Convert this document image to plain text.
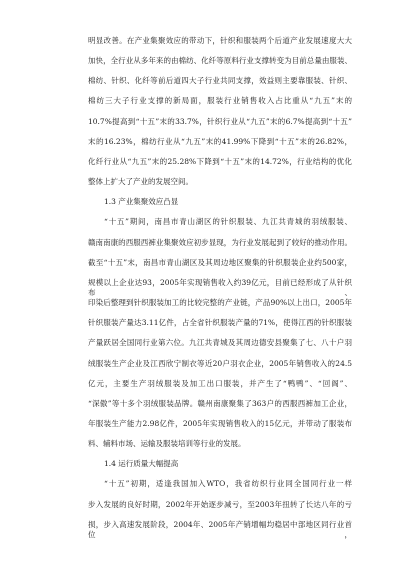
明显改善。在产业集聚效应的带动下，针织和服装两个后道产业发展速度大大
加快，全行业从多年来的由棉纺、化纤等原料行业支撑转变为目前总量由服装、
棉纺、针织、化纤等前后道四大子行业共同支撑，效益则主要靠服装、针织、
棉纺三大子行业支撑的新局面，服装行业销售收入占比重从“九五”末的
10.7%提高到“十五”末的33.7%，针织行业从“九五”末的6.7%提高到“十五”
末的16.23%，棉纺行业从“九五”末的41.99%下降到“十五”末的26.82%，
化纤行业从“九五”末的25.28%下降到“十五”末的14.72%，行业结构的优化
整体上扩大了产业的发展空间。
1.3 产业集聚效应凸显
“十五”期间，南昌市青山湖区的针织服装、九江共青城的羽绒服装、
赣南南康的西服西裤业集聚效应初步显现，为行业发展起到了较好的推动作用。
截至“十五”末，南昌市青山湖区及其周边地区聚集的针织服装企业约500家，
规模以上企业达93，2005年实现销售收入约39亿元，目前已经形成了从针织布、
印染后整理到针织服装加工的比较完整的产业链，产品90%以上出口，2005年
针织服装产量达3.11亿件，占全省针织服装产量的71%，使得江西的针织服装
产量跃居全国同行业第六位。九江共青城及其周边德安县聚集了七、八十户羽
绒服装生产企业及江西欣宁制衣等近20户羽衣企业，2005年销售收入的24.5
亿元，主要生产羽绒服装及加工出口服装，并产生了“鸭鸭”、“回阁”、
“深傲”等十多个羽绒服装品牌。赣州南康聚集了363户的西服西裤加工企业，
年服装生产能力2.98亿件，2005年实现销售收入的15亿元，并带动了服装布
料、辅料市场、运输及服装培训等行业的发展。
1.4 运行质量大幅提高
“十五”初期，适逢我国加入WTO，我省纺织行业同全国同行业一样
步入发展的良好时期，2002年开始逐步减亏，至2003年扭转了长达八年的亏
损，步入高速发展阶段，2004年、2005年产销增幅均稳居中部地区同行业首位，
